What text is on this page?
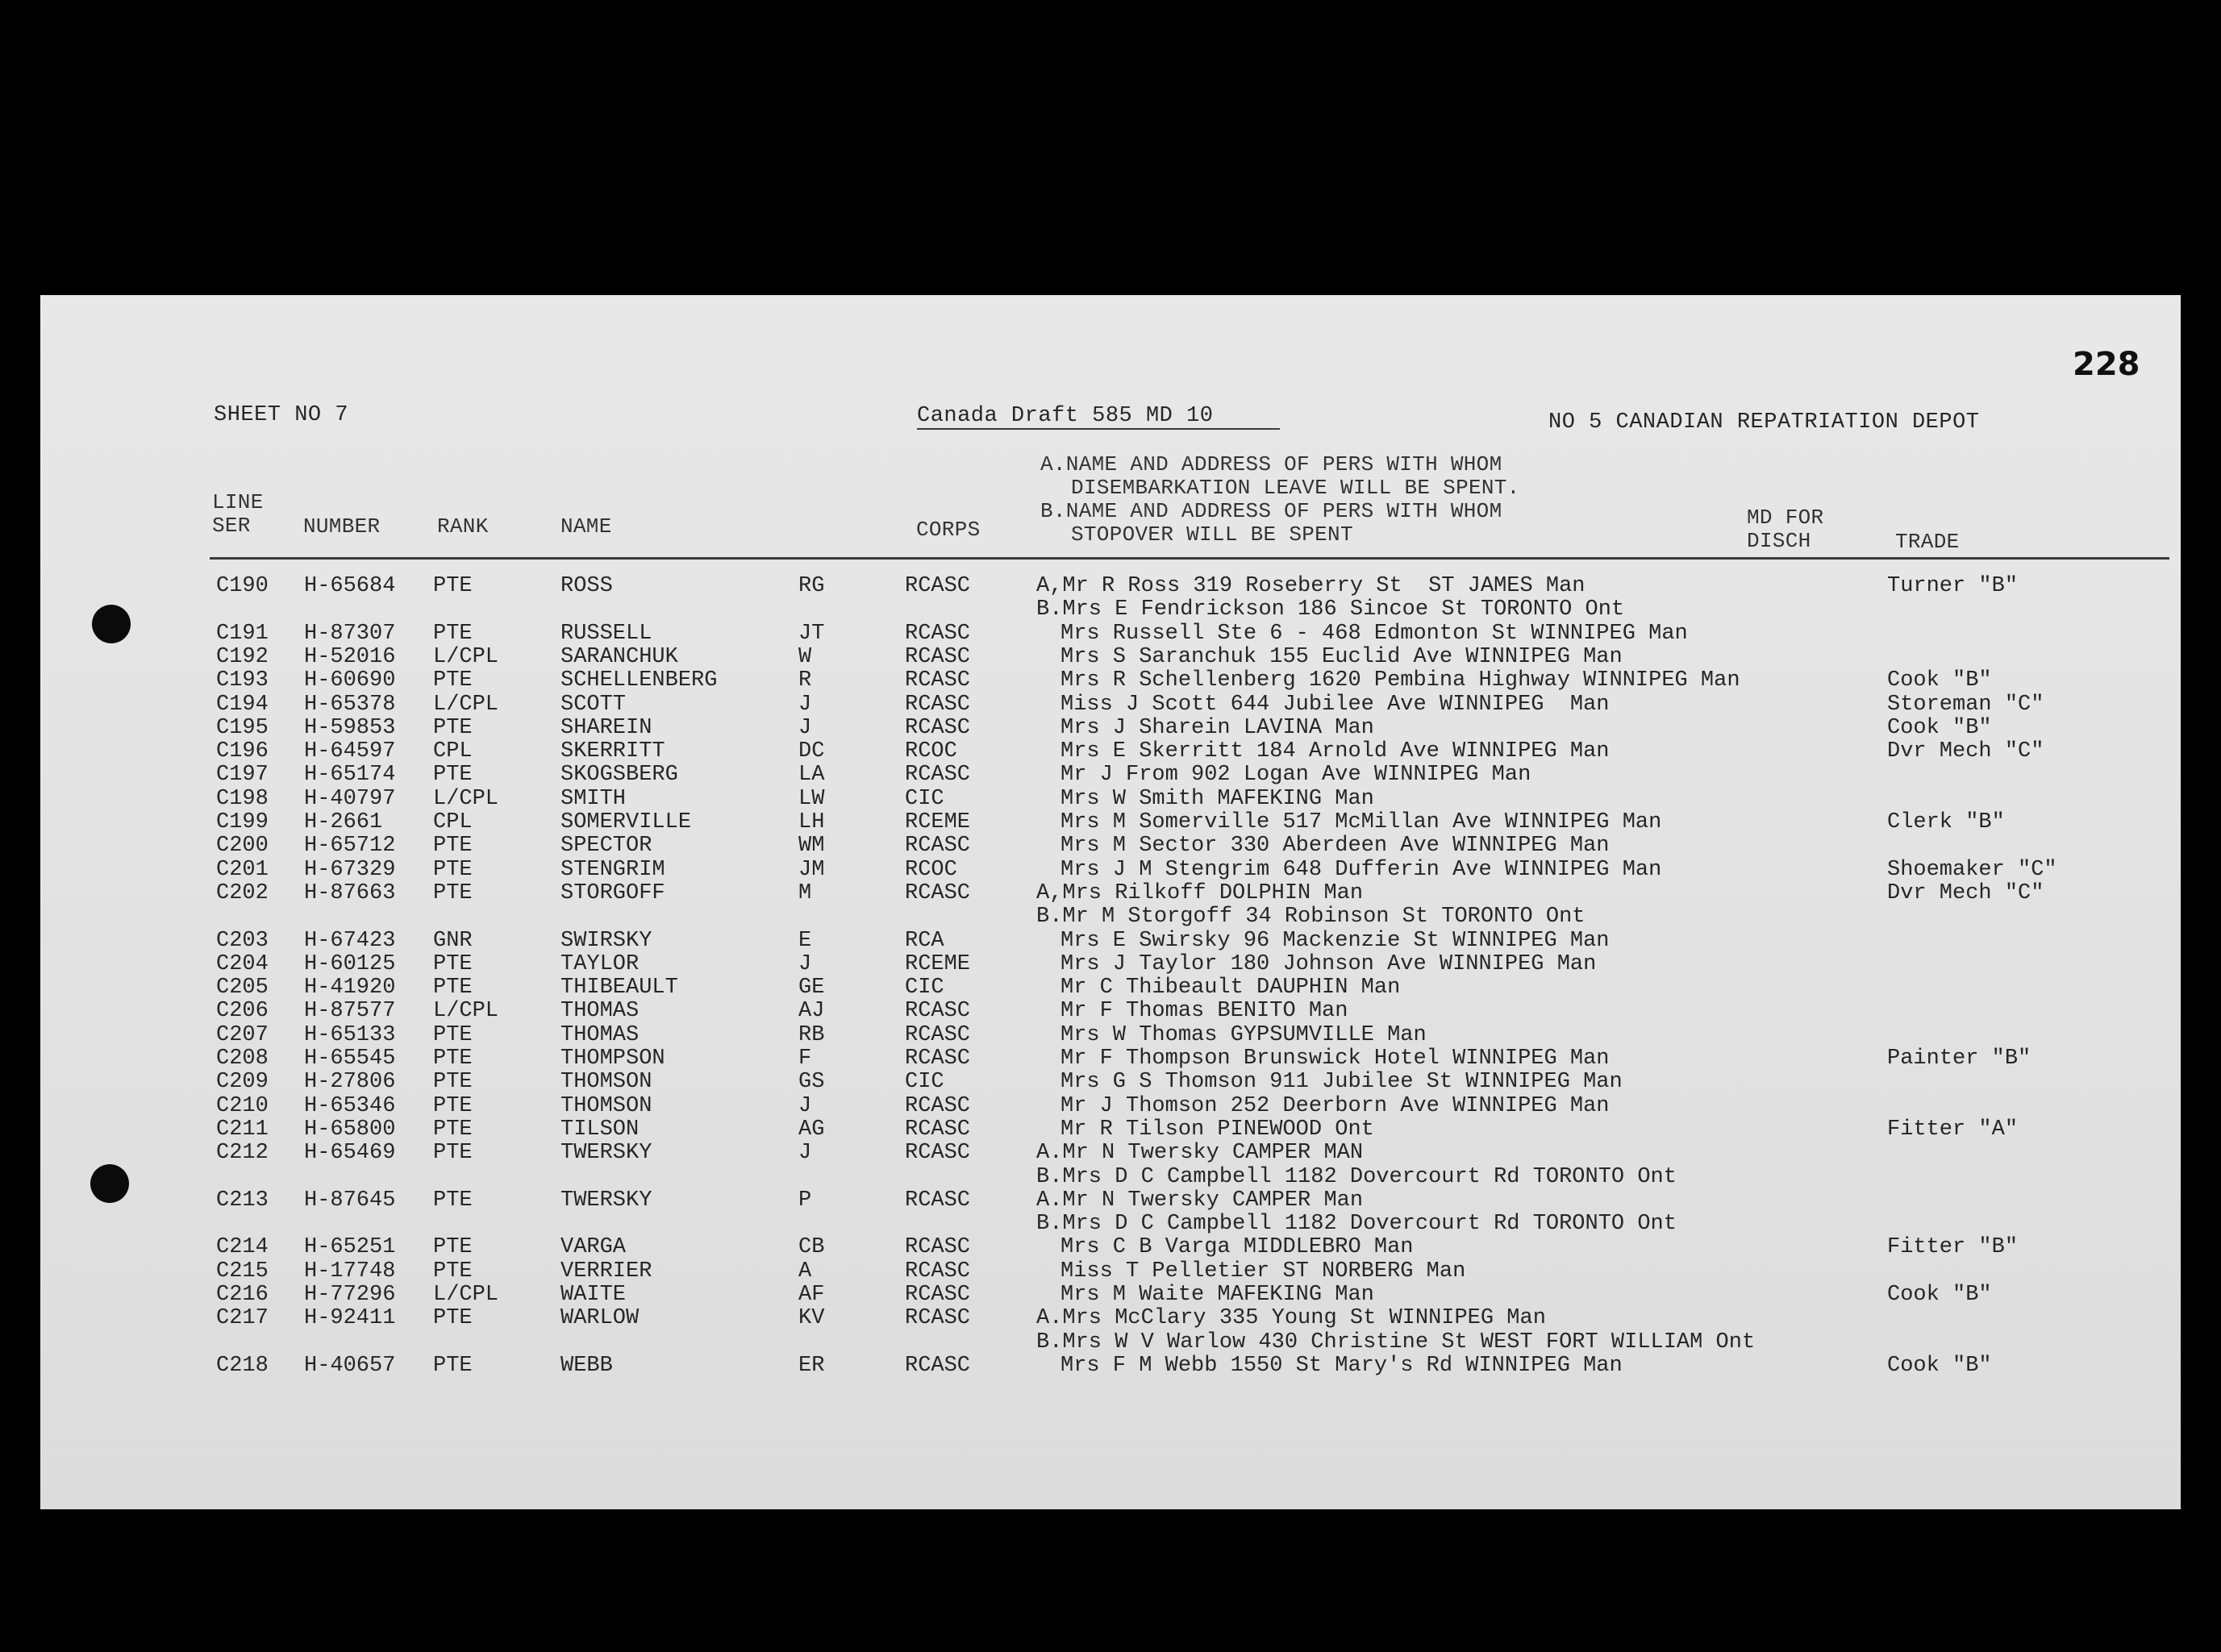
228
SHEET NO 7	Canada Draft 585 MD 10	NO 5 CANADIAN REPATRIATION DEPOT
LINE
SER	NUMBER	RANK	NAME	CORPS
A.NAME AND ADDRESS OF PERS WITH WHOM
DISEMBARKATION LEAVE WILL BE SPENT.
B.NAME AND ADDRESS OF PERS WITH WHOM
STOPOVER WILL BE SPENT
MD FOR
DISCH	TRADE
C190 H-65684 PTE	ROSS	RG	RCASC	A,Mr R Ross 319 Roseberry St  ST JAMES Man	Turner "B"
B.Mrs E Fendrickson 186 Sincoe St TORONTO Ont
C191 H-87307 PTE	RUSSELL	JT	RCASC	Mrs Russell Ste 6 - 468 Edmonton St WINNIPEG Man
C192 H-52016 L/CPL	SARANCHUK	W	RCASC	Mrs S Saranchuk 155 Euclid Ave WINNIPEG Man
C193 H-60690 PTE	SCHELLENBERG	R	RCASC	Mrs R Schellenberg 1620 Pembina Highway WINNIPEG Man	Cook "B"
C194 H-65378 L/CPL	SCOTT	J	RCASC	Miss J Scott 644 Jubilee Ave WINNIPEG  Man	Storeman "C"
C195 H-59853 PTE	SHAREIN	J	RCASC	Mrs J Sharein LAVINA Man	Cook "B"
C196 H-64597 CPL	SKERRITT	DC	RCOC	Mrs E Skerritt 184 Arnold Ave WINNIPEG Man	Dvr Mech "C"
C197 H-65174 PTE	SKOGSBERG	LA	RCASC	Mr J From 902 Logan Ave WINNIPEG Man
C198 H-40797 L/CPL	SMITH	LW	CIC	Mrs W Smith MAFEKING Man
C199 H-2661 CPL	SOMERVILLE	LH	RCEME	Mrs M Somerville 517 McMillan Ave WINNIPEG Man	Clerk "B"
C200 H-65712 PTE	SPECTOR	WM	RCASC	Mrs M Sector 330 Aberdeen Ave WINNIPEG Man
C201 H-67329 PTE	STENGRIM	JM	RCOC	Mrs J M Stengrim 648 Dufferin Ave WINNIPEG Man	Shoemaker "C"
C202 H-87663 PTE	STORGOFF	M	RCASC	A,Mrs Rilkoff DOLPHIN Man	Dvr Mech "C"
B.Mr M Storgoff 34 Robinson St TORONTO Ont
C203 H-67423 GNR	SWIRSKY	E	RCA	Mrs E Swirsky 96 Mackenzie St WINNIPEG Man
C204 H-60125 PTE	TAYLOR	J	RCEME	Mrs J Taylor 180 Johnson Ave WINNIPEG Man
C205 H-41920 PTE	THIBEAULT	GE	CIC	Mr C Thibeault DAUPHIN Man
C206 H-87577 L/CPL	THOMAS	AJ	RCASC	Mr F Thomas BENITO Man
C207 H-65133 PTE	THOMAS	RB	RCASC	Mrs W Thomas GYPSUMVILLE Man
C208 H-65545 PTE	THOMPSON	F	RCASC	Mr F Thompson Brunswick Hotel WINNIPEG Man	Painter "B"
C209 H-27806 PTE	THOMSON	GS	CIC	Mrs G S Thomson 911 Jubilee St WINNIPEG Man
C210 H-65346 PTE	THOMSON	J	RCASC	Mr J Thomson 252 Deerborn Ave WINNIPEG Man
C211 H-65800 PTE	TILSON	AG	RCASC	Mr R Tilson PINEWOOD Ont	Fitter "A"
C212 H-65469 PTE	TWERSKY	J	RCASC	A.Mr N Twersky CAMPER MAN
B.Mrs D C Campbell 1182 Dovercourt Rd TORONTO Ont
C213 H-87645 PTE	TWERSKY	P	RCASC	A.Mr N Twersky CAMPER Man
B.Mrs D C Campbell 1182 Dovercourt Rd TORONTO Ont
C214 H-65251 PTE	VARGA	CB	RCASC	Mrs C B Varga MIDDLEBRO Man	Fitter "B"
C215 H-17748 PTE	VERRIER	A	RCASC	Miss T Pelletier ST NORBERG Man
C216 H-77296 L/CPL	WAITE	AF	RCASC	Mrs M Waite MAFEKING Man	Cook "B"
C217 H-92411 PTE	WARLOW	KV	RCASC	A.Mrs McClary 335 Young St WINNIPEG Man
B.Mrs W V Warlow 430 Christine St WEST FORT WILLIAM Ont
C218 H-40657 PTE	WEBB	ER	RCASC	Mrs F M Webb 1550 St Mary's Rd WINNIPEG Man	Cook "B"
